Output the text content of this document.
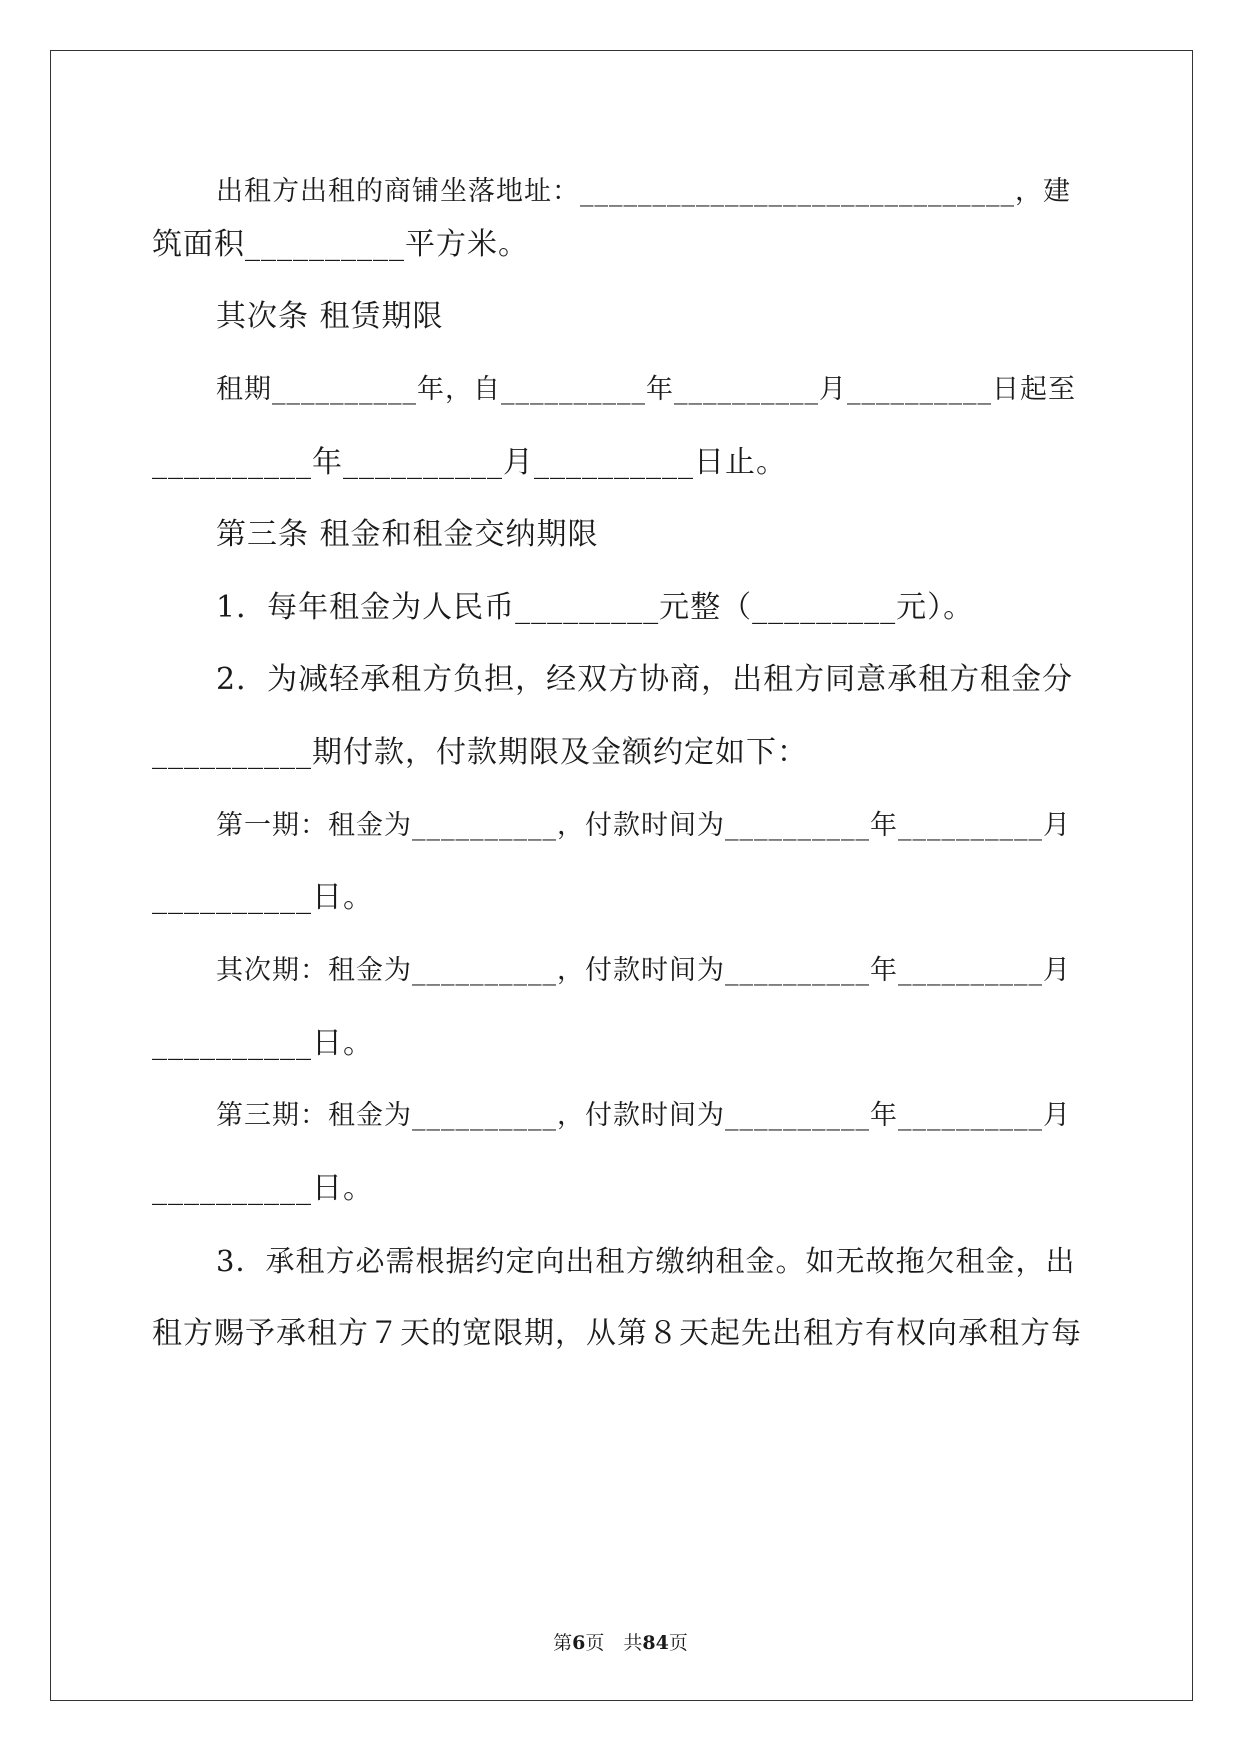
出租方出租的商铺坐落地址：______________________________，建
筑面积__________平方米。
其次条 租赁期限
租期__________年，自__________年__________月__________日起至
__________年__________月__________日止。
第三条 租金和租金交纳期限
1．每年租金为人民币_________元整（_________元）。
2．为减轻承租方负担，经双方协商，出租方同意承租方租金分
__________期付款，付款期限及金额约定如下：
第一期：租金为__________，付款时间为__________年__________月
__________日。
其次期：租金为__________，付款时间为__________年__________月
__________日。
第三期：租金为__________，付款时间为__________年__________月
__________日。
3．承租方必需根据约定向出租方缴纳租金。如无故拖欠租金，出
租方赐予承租方７天的宽限期，从第８天起先出租方有权向承租方每
第6页　共84页
